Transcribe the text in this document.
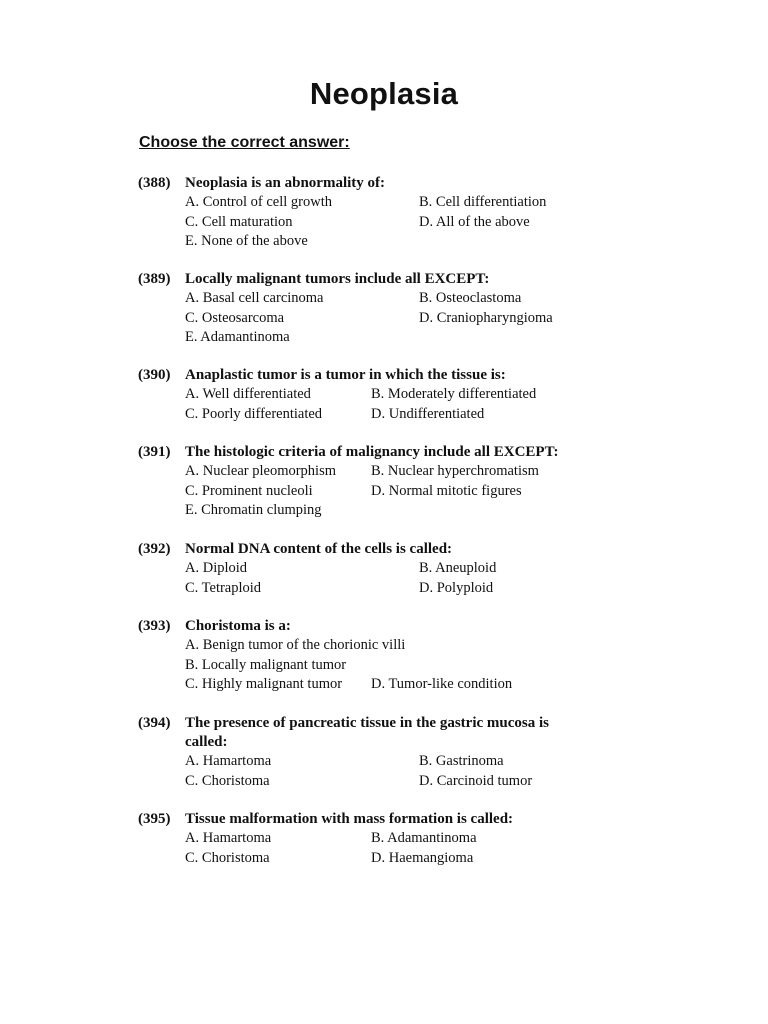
Neoplasia
Choose the correct answer:
(388) Neoplasia is an abnormality of:
A. Control of cell growth	B. Cell differentiation
C. Cell maturation	D. All of the above
E. None of the above
(389) Locally malignant tumors include all EXCEPT:
A. Basal cell carcinoma	B. Osteoclastoma
C. Osteosarcoma	D. Craniopharyngioma
E. Adamantinoma
(390) Anaplastic tumor is a tumor in which the tissue is:
A. Well differentiated	B. Moderately differentiated
C. Poorly differentiated	D. Undifferentiated
(391) The histologic criteria of malignancy include all EXCEPT:
A. Nuclear pleomorphism	B. Nuclear hyperchromatism
C. Prominent nucleoli	D. Normal mitotic figures
E. Chromatin clumping
(392) Normal DNA content of the cells is called:
A. Diploid	B. Aneuploid
C. Tetraploid	D. Polyploid
(393) Choristoma is a:
A. Benign tumor of the chorionic villi
B. Locally malignant tumor
C. Highly malignant tumor	D. Tumor-like condition
(394) The presence of pancreatic tissue in the gastric mucosa is called:
A. Hamartoma	B. Gastrinoma
C. Choristoma	D. Carcinoid tumor
(395) Tissue malformation with mass formation is called:
A. Hamartoma	B. Adamantinoma
C. Choristoma	D. Haemangioma
